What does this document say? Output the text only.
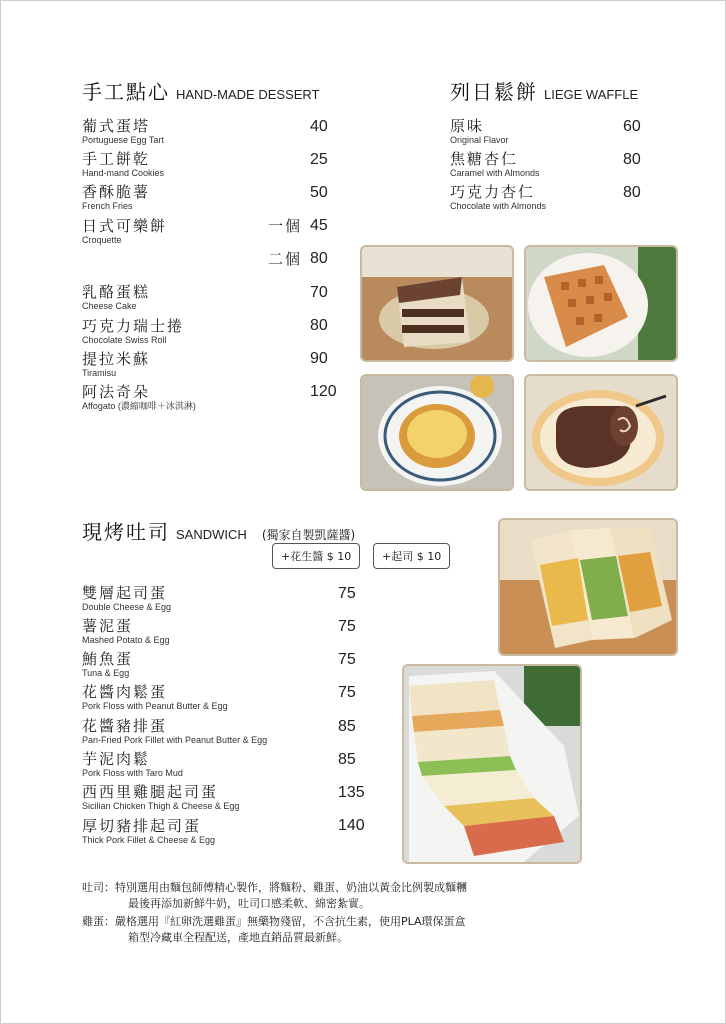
手工點心 HAND-MADE DESSERT
葡式蛋塔
Portuguese Egg Tart
40
手工餅乾
Hand-mand Cookies
25
香酥脆薯
French Fries
50
日式可樂餅
Croquette
一個 45
二個 80
乳酪蛋糕
Cheese Cake
70
巧克力瑞士捲
Chocolate Swiss Roll
80
提拉米蘇
Tiramisu
90
阿法奇朵
Affogato (濃縮咖啡＋冰淇淋)
120
列日鬆餅 LIEGE WAFFLE
原味
Original Flavor
60
焦糖杏仁
Caramel with Almonds
80
巧克力杏仁
Chocolate with Almonds
80
現烤吐司 SANDWICH (獨家自製凱薩醬)
+花生醬 $ 10	+起司 $ 10
雙層起司蛋
Double Cheese & Egg
75
薯泥蛋
Mashed Potato & Egg
75
鮪魚蛋
Tuna & Egg
75
花醬肉鬆蛋
Pork Floss with Peanut Butter & Egg
75
花醬豬排蛋
Pan-Fried Pork Fillet with Peanut Butter & Egg
85
芋泥肉鬆
Pork Floss with Taro Mud
85
西西里雞腿起司蛋
Sicilian Chicken Thigh & Cheese & Egg
135
厚切豬排起司蛋
Thick Pork Fillet & Cheese & Egg
140
吐司：特別選用由麵包師傅精心製作，將麵粉、雞蛋、奶油以黃金比例製成麵糰
最後再添加新鮮牛奶，吐司口感柔軟、綿密紮實。
雞蛋：嚴格選用『紅卵洗選雞蛋』無藥物殘留，不含抗生素，使用PLA環保蛋盒
箱型冷藏車全程配送，產地直銷品質最新鮮。
